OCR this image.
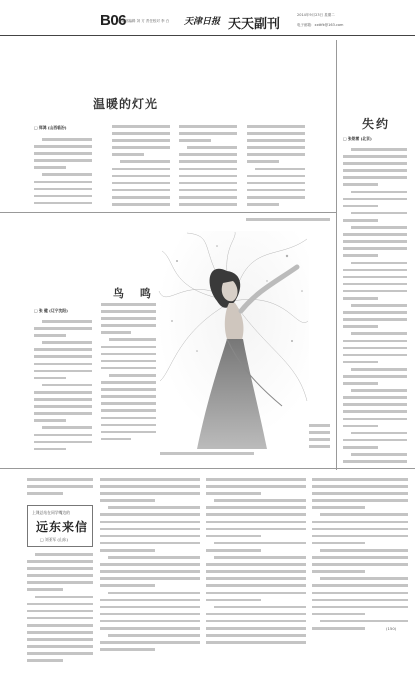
B06
新闻部编辑 刘 方 责任校对 李 白 天津日报 天天副刊
2014年9月23日 星期二
电子邮箱：xxttfk@163.com
温暖的灯光
□ 郑鸿 (山西临汾)	失约
□ 张铭雪 (北京)
鸟 鸣
□ 张 健 (辽宁沈阳)
上课总站在同学嘴边的
远东来信
□ 刘亚军 (山东)
(150)
